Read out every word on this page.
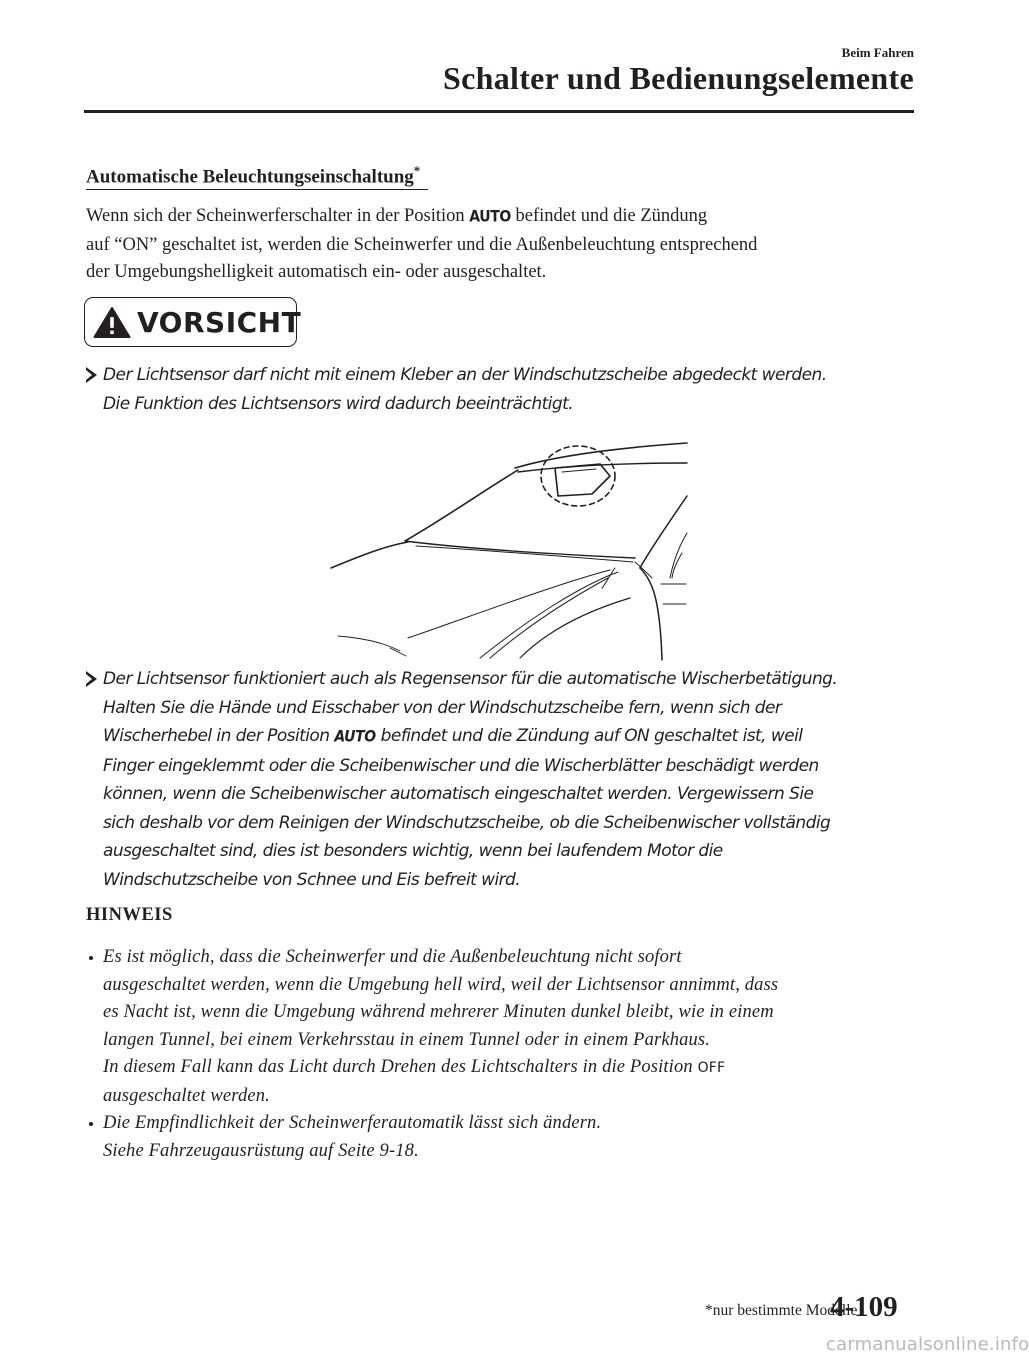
Beim Fahren
Schalter und Bedienungselemente
Automatische Beleuchtungseinschaltung*

Wenn sich der Scheinwerferschalter in der Position AUTO befindet und die Zündung
auf “ON” geschaltet ist, werden die Scheinwerfer und die Außenbeleuchtung entsprechend
der Umgebungshelligkeit automatisch ein- oder ausgeschaltet.

VORSICHT

Der Lichtsensor darf nicht mit einem Kleber an der Windschutzscheibe abgedeckt werden.
Die Funktion des Lichtsensors wird dadurch beeinträchtigt.

Der Lichtsensor funktioniert auch als Regensensor für die automatische Wischerbetätigung.
Halten Sie die Hände und Eisschaber von der Windschutzscheibe fern, wenn sich der
Wischerhebel in der Position AUTO befindet und die Zündung auf ON geschaltet ist, weil
Finger eingeklemmt oder die Scheibenwischer und die Wischerblätter beschädigt werden
können, wenn die Scheibenwischer automatisch eingeschaltet werden. Vergewissern Sie
sich deshalb vor dem Reinigen der Windschutzscheibe, ob die Scheibenwischer vollständig
ausgeschaltet sind, dies ist besonders wichtig, wenn bei laufendem Motor die
Windschutzscheibe von Schnee und Eis befreit wird.

HINWEIS

Es ist möglich, dass die Scheinwerfer und die Außenbeleuchtung nicht sofort
ausgeschaltet werden, wenn die Umgebung hell wird, weil der Lichtsensor annimmt, dass
es Nacht ist, wenn die Umgebung während mehrerer Minuten dunkel bleibt, wie in einem
langen Tunnel, bei einem Verkehrsstau in einem Tunnel oder in einem Parkhaus.
In diesem Fall kann das Licht durch Drehen des Lichtschalters in die Position OFF
ausgeschaltet werden.

Die Empfindlichkeit der Scheinwerferautomatik lässt sich ändern.
Siehe Fahrzeugausrüstung auf Seite 9-18.

*nur bestimmte Modelle

4-109

carmanualsonline.info
